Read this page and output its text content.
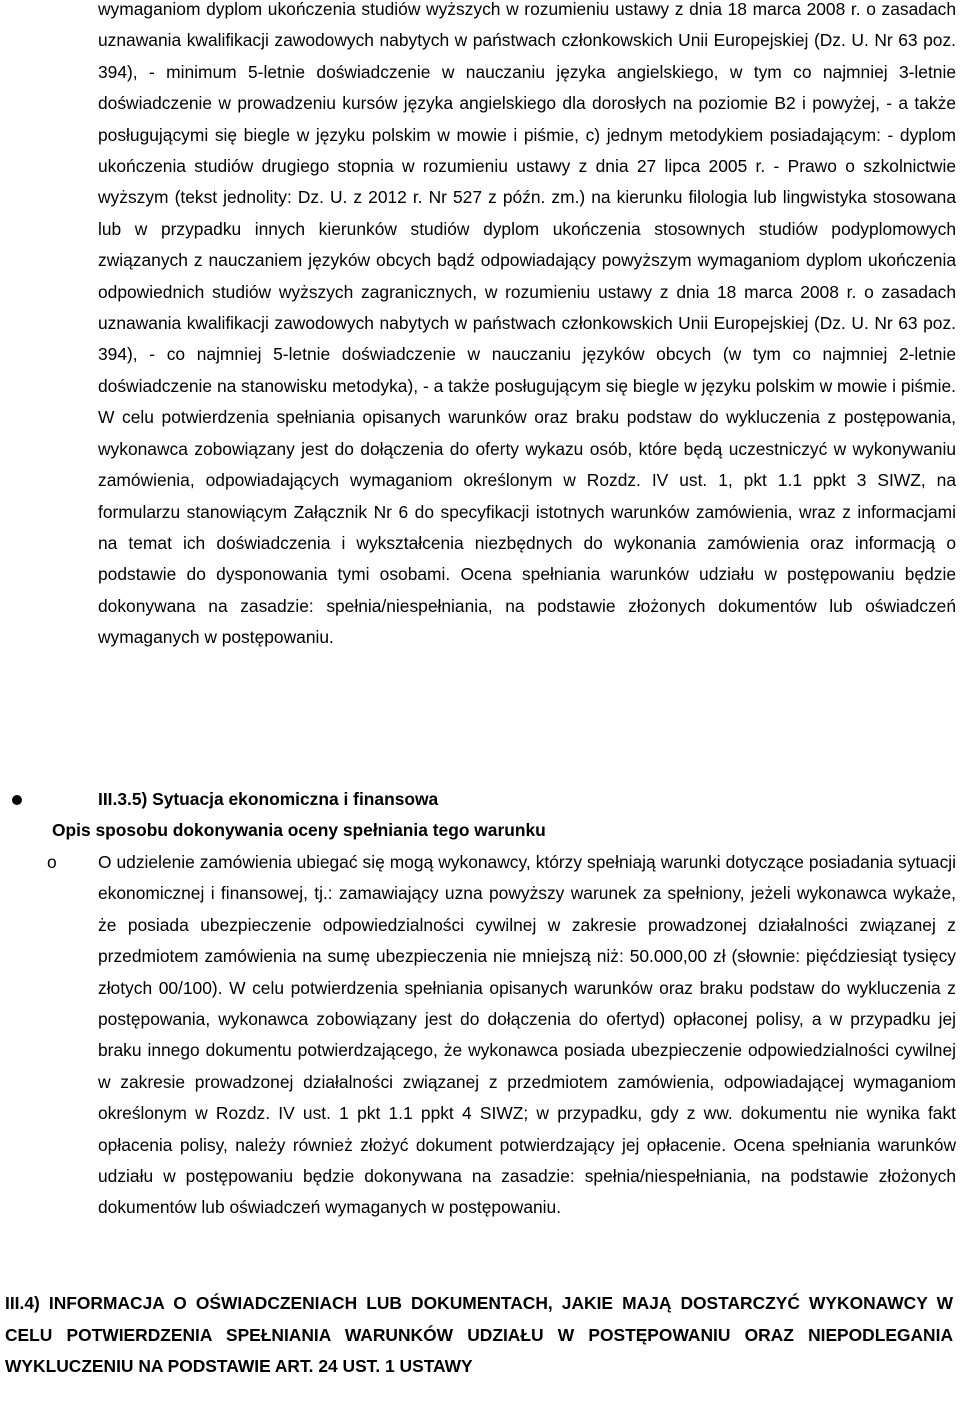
wymaganiom dyplom ukończenia studiów wyższych w rozumieniu ustawy z dnia 18 marca 2008 r. o zasadach uznawania kwalifikacji zawodowych nabytych w państwach członkowskich Unii Europejskiej (Dz. U. Nr 63 poz. 394), - minimum 5-letnie doświadczenie w nauczaniu języka angielskiego, w tym co najmniej 3-letnie doświadczenie w prowadzeniu kursów języka angielskiego dla dorosłych na poziomie B2 i powyżej, - a także posługującymi się biegle w języku polskim w mowie i piśmie, c) jednym metodykiem posiadającym: - dyplom ukończenia studiów drugiego stopnia w rozumieniu ustawy z dnia 27 lipca 2005 r. - Prawo o szkolnictwie wyższym (tekst jednolity: Dz. U. z 2012 r. Nr 527 z późn. zm.) na kierunku filologia lub lingwistyka stosowana lub w przypadku innych kierunków studiów dyplom ukończenia stosownych studiów podyplomowych związanych z nauczaniem języków obcych bądź odpowiadający powyższym wymaganiom dyplom ukończenia odpowiednich studiów wyższych zagranicznych, w rozumieniu ustawy z dnia 18 marca 2008 r. o zasadach uznawania kwalifikacji zawodowych nabytych w państwach członkowskich Unii Europejskiej (Dz. U. Nr 63 poz. 394), - co najmniej 5-letnie doświadczenie w nauczaniu języków obcych (w tym co najmniej 2-letnie doświadczenie na stanowisku metodyka), - a także posługującym się biegle w języku polskim w mowie i piśmie. W celu potwierdzenia spełniania opisanych warunków oraz braku podstaw do wykluczenia z postępowania, wykonawca zobowiązany jest do dołączenia do oferty wykazu osób, które będą uczestniczyć w wykonywaniu zamówienia, odpowiadających wymaganiom określonym w Rozdz. IV ust. 1, pkt 1.1 ppkt 3 SIWZ, na formularzu stanowiącym Załącznik Nr 6 do specyfikacji istotnych warunków zamówienia, wraz z informacjami na temat ich doświadczenia i wykształcenia niezbędnych do wykonania zamówienia oraz informacją o podstawie do dysponowania tymi osobami. Ocena spełniania warunków udziału w postępowaniu będzie dokonywana na zasadzie: spełnia/niespełniania, na podstawie złożonych dokumentów lub oświadczeń wymaganych w postępowaniu.

III.3.5) Sytuacja ekonomiczna i finansowa
Opis sposobu dokonywania oceny spełniania tego warunku
o O udzielenie zamówienia ubiegać się mogą wykonawcy, którzy spełniają warunki dotyczące posiadania sytuacji ekonomicznej i finansowej, tj.: zamawiający uzna powyższy warunek za spełniony, jeżeli wykonawca wykaże, że posiada ubezpieczenie odpowiedzialności cywilnej w zakresie prowadzonej działalności związanej z przedmiotem zamówienia na sumę ubezpieczenia nie mniejszą niż: 50.000,00 zł (słownie: pięćdziesiąt tysięcy złotych 00/100). W celu potwierdzenia spełniania opisanych warunków oraz braku podstaw do wykluczenia z postępowania, wykonawca zobowiązany jest do dołączenia do ofertyd) opłaconej polisy, a w przypadku jej braku innego dokumentu potwierdzającego, że wykonawca posiada ubezpieczenie odpowiedzialności cywilnej w zakresie prowadzonej działalności związanej z przedmiotem zamówienia, odpowiadającej wymaganiom określonym w Rozdz. IV ust. 1 pkt 1.1 ppkt 4 SIWZ; w przypadku, gdy z ww. dokumentu nie wynika fakt opłacenia polisy, należy również złożyć dokument potwierdzający jej opłacenie. Ocena spełniania warunków udziału w postępowaniu będzie dokonywana na zasadzie: spełnia/niespełniania, na podstawie złożonych dokumentów lub oświadczeń wymaganych w postępowaniu.

III.4) INFORMACJA O OŚWIADCZENIACH LUB DOKUMENTACH, JAKIE MAJĄ DOSTARCZYĆ WYKONAWCY W CELU POTWIERDZENIA SPEŁNIANIA WARUNKÓW UDZIAŁU W POSTĘPOWANIU ORAZ NIEPODLEGANIA WYKLUCZENIU NA PODSTAWIE ART. 24 UST. 1 USTAWY
